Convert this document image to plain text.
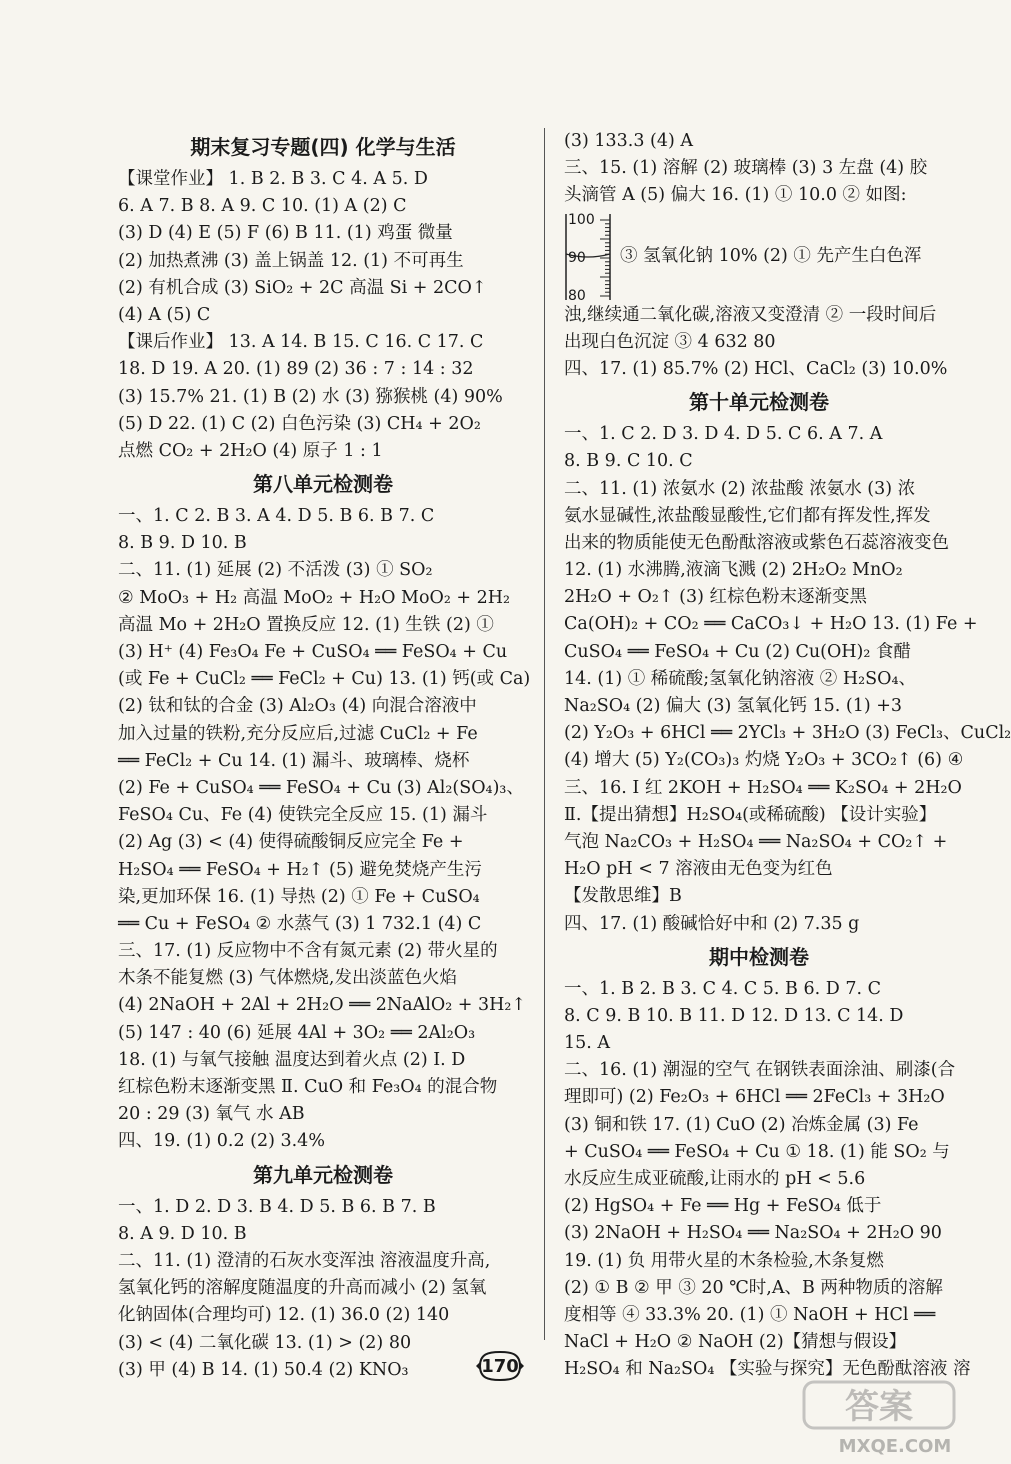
期末复习专题(四) 化学与生活
【课堂作业】 1. B 2. B 3. C 4. A 5. D
6. A 7. B 8. A 9. C 10. (1) A (2) C
(3) D (4) E (5) F (6) B 11. (1) 鸡蛋 微量
(2) 加热煮沸 (3) 盖上锅盖 12. (1) 不可再生
(2) 有机合成 (3) SiO₂ + 2C 高温 Si + 2CO↑
(4) A (5) C
【课后作业】 13. A 14. B 15. C 16. C 17. C
18. D 19. A 20. (1) 89 (2) 36 : 7 : 14 : 32
(3) 15.7% 21. (1) B (2) 水 (3) 猕猴桃 (4) 90%
(5) D 22. (1) C (2) 白色污染 (3) CH₄ + 2O₂
点燃 CO₂ + 2H₂O (4) 原子 1 : 1
第八单元检测卷
一、1. C 2. B 3. A 4. D 5. B 6. B 7. C
8. B 9. D 10. B
二、11. (1) 延展 (2) 不活泼 (3) ① SO₂
② MoO₃ + H₂ 高温 MoO₂ + H₂O MoO₂ + 2H₂
高温 Mo + 2H₂O 置换反应 12. (1) 生铁 (2) ①
(3) H⁺ (4) Fe₃O₄ Fe + CuSO₄ ══ FeSO₄ + Cu
(或 Fe + CuCl₂ ══ FeCl₂ + Cu) 13. (1) 钙(或 Ca)
(2) 钛和钛的合金 (3) Al₂O₃ (4) 向混合溶液中
加入过量的铁粉,充分反应后,过滤 CuCl₂ + Fe
══ FeCl₂ + Cu 14. (1) 漏斗、玻璃棒、烧杯
(2) Fe + CuSO₄ ══ FeSO₄ + Cu (3) Al₂(SO₄)₃、
FeSO₄ Cu、Fe (4) 使铁完全反应 15. (1) 漏斗
(2) Ag (3) < (4) 使得硫酸铜反应完全 Fe +
H₂SO₄ ══ FeSO₄ + H₂↑ (5) 避免焚烧产生污
染,更加环保 16. (1) 导热 (2) ① Fe + CuSO₄
══ Cu + FeSO₄ ② 水蒸气 (3) 1 732.1 (4) C
三、17. (1) 反应物中不含有氮元素 (2) 带火星的
木条不能复燃 (3) 气体燃烧,发出淡蓝色火焰
(4) 2NaOH + 2Al + 2H₂O ══ 2NaAlO₂ + 3H₂↑
(5) 147 : 40 (6) 延展 4Al + 3O₂ ══ 2Al₂O₃
18. (1) 与氧气接触 温度达到着火点 (2) Ⅰ. D
红棕色粉末逐渐变黑 Ⅱ. CuO 和 Fe₃O₄ 的混合物
20 : 29 (3) 氧气 水 AB
四、19. (1) 0.2 (2) 3.4%
第九单元检测卷
一、1. D 2. D 3. B 4. D 5. B 6. B 7. B
8. A 9. D 10. B
二、11. (1) 澄清的石灰水变浑浊 溶液温度升高,
氢氧化钙的溶解度随温度的升高而减小 (2) 氢氧
化钠固体(合理均可) 12. (1) 36.0 (2) 140
(3) < (4) 二氧化碳 13. (1) > (2) 80
(3) 甲 (4) B 14. (1) 50.4 (2) KNO₃
(3) 133.3 (4) A
三、15. (1) 溶解 (2) 玻璃棒 (3) 3 左盘 (4) 胶
头滴管 A (5) 偏大 16. (1) ① 10.0 ② 如图:
100
90
80
③ 氢氧化钠 10% (2) ① 先产生白色浑
浊,继续通二氧化碳,溶液又变澄清 ② 一段时间后
出现白色沉淀 ③ 4 632 80
四、17. (1) 85.7% (2) HCl、CaCl₂ (3) 10.0%
第十单元检测卷
一、1. C 2. D 3. D 4. D 5. C 6. A 7. A
8. B 9. C 10. C
二、11. (1) 浓氨水 (2) 浓盐酸 浓氨水 (3) 浓
氨水显碱性,浓盐酸显酸性,它们都有挥发性,挥发
出来的物质能使无色酚酞溶液或紫色石蕊溶液变色
12. (1) 水沸腾,液滴飞溅 (2) 2H₂O₂ MnO₂
2H₂O + O₂↑ (3) 红棕色粉末逐渐变黑
Ca(OH)₂ + CO₂ ══ CaCO₃↓ + H₂O 13. (1) Fe +
CuSO₄ ══ FeSO₄ + Cu (2) Cu(OH)₂ 食醋
14. (1) ① 稀硫酸;氢氧化钠溶液 ② H₂SO₄、
Na₂SO₄ (2) 偏大 (3) 氢氧化钙 15. (1) +3
(2) Y₂O₃ + 6HCl ══ 2YCl₃ + 3H₂O (3) FeCl₃、CuCl₂
(4) 增大 (5) Y₂(CO₃)₃ 灼烧 Y₂O₃ + 3CO₂↑ (6) ④
三、16. Ⅰ 红 2KOH + H₂SO₄ ══ K₂SO₄ + 2H₂O
Ⅱ.【提出猜想】H₂SO₄(或稀硫酸) 【设计实验】
气泡 Na₂CO₃ + H₂SO₄ ══ Na₂SO₄ + CO₂↑ +
H₂O pH < 7 溶液由无色变为红色
【发散思维】B
四、17. (1) 酸碱恰好中和 (2) 7.35 g
期中检测卷
一、1. B 2. B 3. C 4. C 5. B 6. D 7. C
8. C 9. B 10. B 11. D 12. D 13. C 14. D
15. A
二、16. (1) 潮湿的空气 在钢铁表面涂油、刷漆(合
理即可) (2) Fe₂O₃ + 6HCl ══ 2FeCl₃ + 3H₂O
(3) 铜和铁 17. (1) CuO (2) 冶炼金属 (3) Fe
+ CuSO₄ ══ FeSO₄ + Cu ① 18. (1) 能 SO₂ 与
水反应生成亚硫酸,让雨水的 pH < 5.6
(2) HgSO₄ + Fe ══ Hg + FeSO₄ 低于
(3) 2NaOH + H₂SO₄ ══ Na₂SO₄ + 2H₂O 90
19. (1) 负 用带火星的木条检验,木条复燃
(2) ① B ② 甲 ③ 20 ℃时,A、B 两种物质的溶解
度相等 ④ 33.3% 20. (1) ① NaOH + HCl ══
NaCl + H₂O ② NaOH (2)【猜想与假设】
H₂SO₄ 和 Na₂SO₄ 【实验与探究】无色酚酞溶液 溶
170
答案
MXQE.COM
